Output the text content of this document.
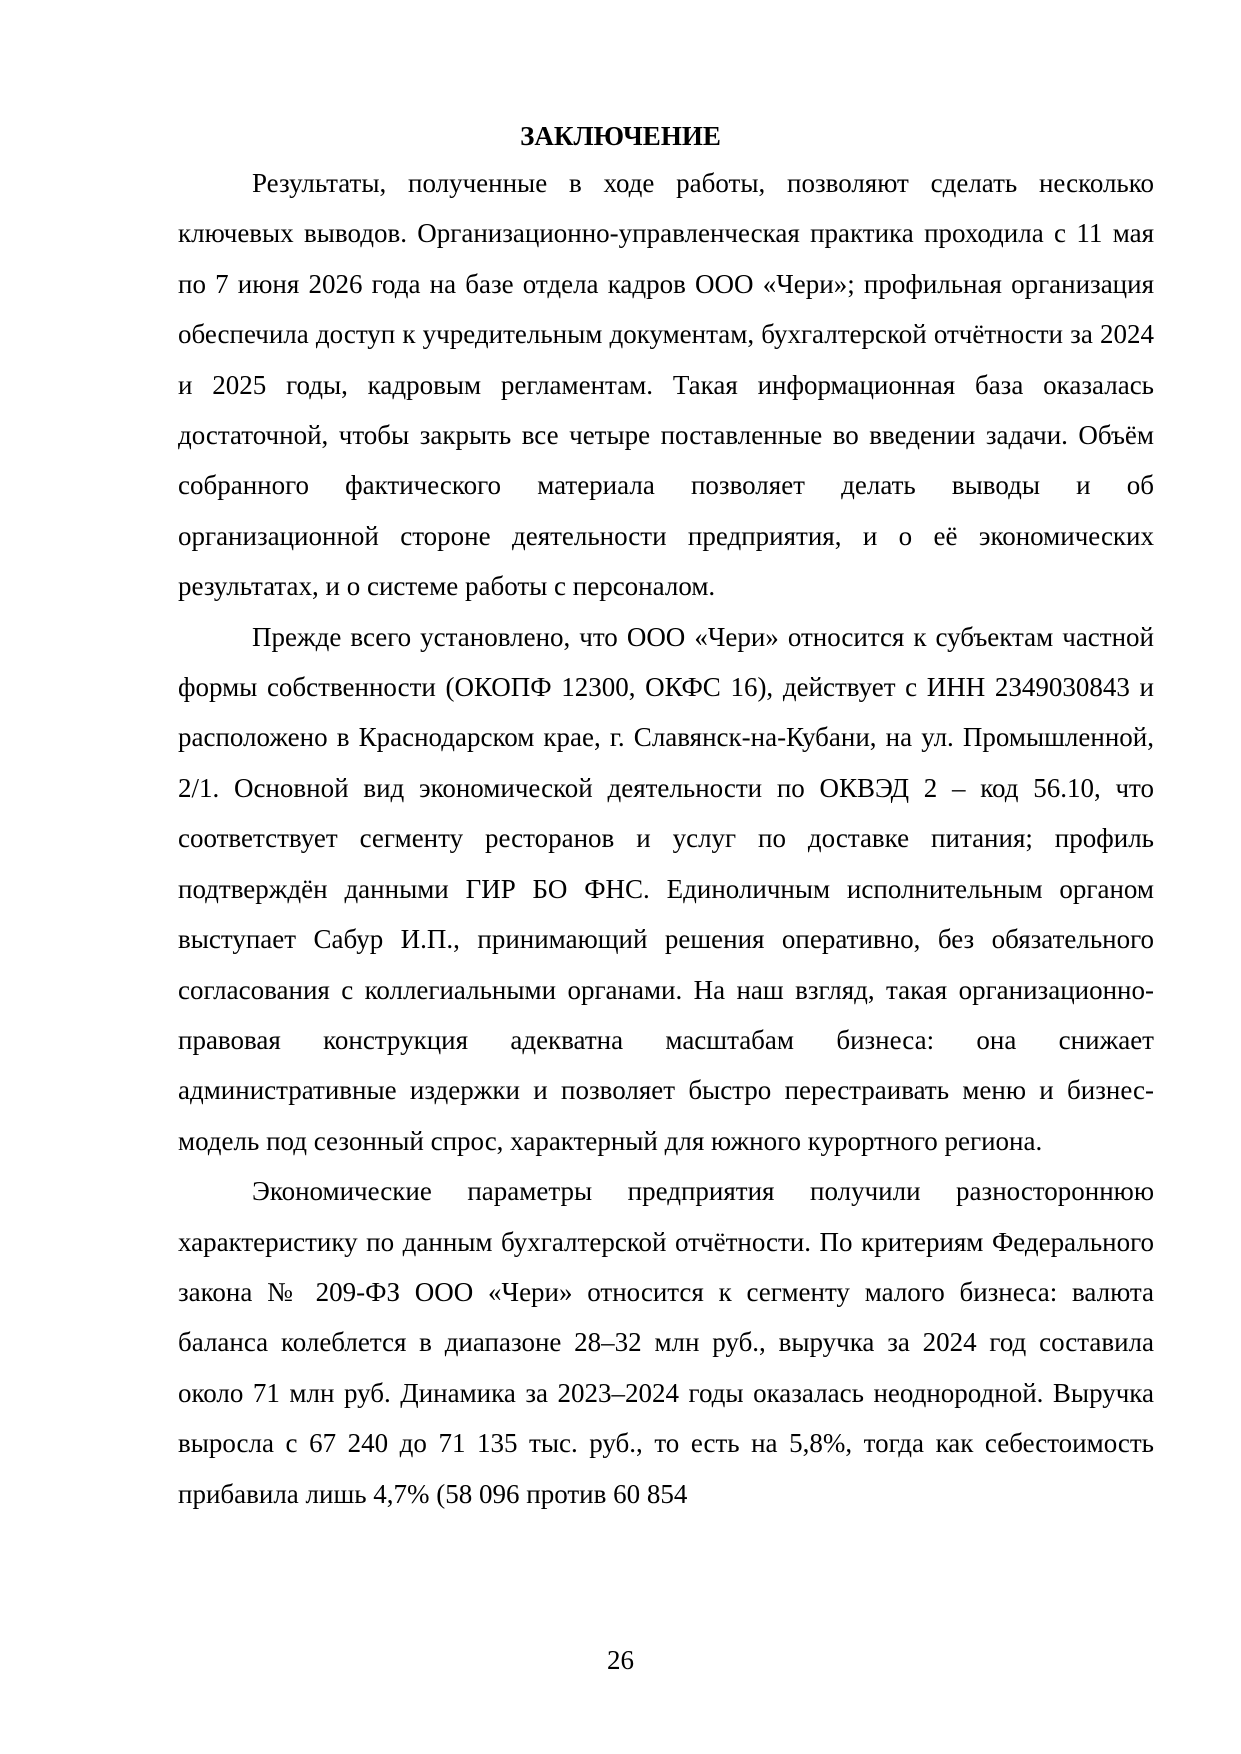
ЗАКЛЮЧЕНИЕ

Результаты, полученные в ходе работы, позволяют сделать несколько ключевых выводов. Организационно-управленческая практика проходила с 11 мая по 7 июня 2026 года на базе отдела кадров ООО «Чери»; профильная организация обеспечила доступ к учредительным документам, бухгалтерской отчётности за 2024 и 2025 годы, кадровым регламентам. Такая информационная база оказалась достаточной, чтобы закрыть все четыре поставленные во введении задачи. Объём собранного фактического материала позволяет делать выводы и об организационной стороне деятельности предприятия, и о её экономических результатах, и о системе работы с персоналом.

Прежде всего установлено, что ООО «Чери» относится к субъектам частной формы собственности (ОКОПФ 12300, ОКФС 16), действует с ИНН 2349030843 и расположено в Краснодарском крае, г. Славянск-на-Кубани, на ул. Промышленной, 2/1. Основной вид экономической деятельности по ОКВЭД 2 – код 56.10, что соответствует сегменту ресторанов и услуг по доставке питания; профиль подтверждён данными ГИР БО ФНС. Единоличным исполнительным органом выступает Сабур И.П., принимающий решения оперативно, без обязательного согласования с коллегиальными органами. На наш взгляд, такая организационно-правовая конструкция адекватна масштабам бизнеса: она снижает административные издержки и позволяет быстро перестраивать меню и бизнес-модель под сезонный спрос, характерный для южного курортного региона.

Экономические параметры предприятия получили разностороннюю характеристику по данным бухгалтерской отчётности. По критериям Федерального закона № 209-ФЗ ООО «Чери» относится к сегменту малого бизнеса: валюта баланса колеблется в диапазоне 28–32 млн руб., выручка за 2024 год составила около 71 млн руб. Динамика за 2023–2024 годы оказалась неоднородной. Выручка выросла с 67 240 до 71 135 тыс. руб., то есть на 5,8%, тогда как себестоимость прибавила лишь 4,7% (58 096 против 60 854

26
